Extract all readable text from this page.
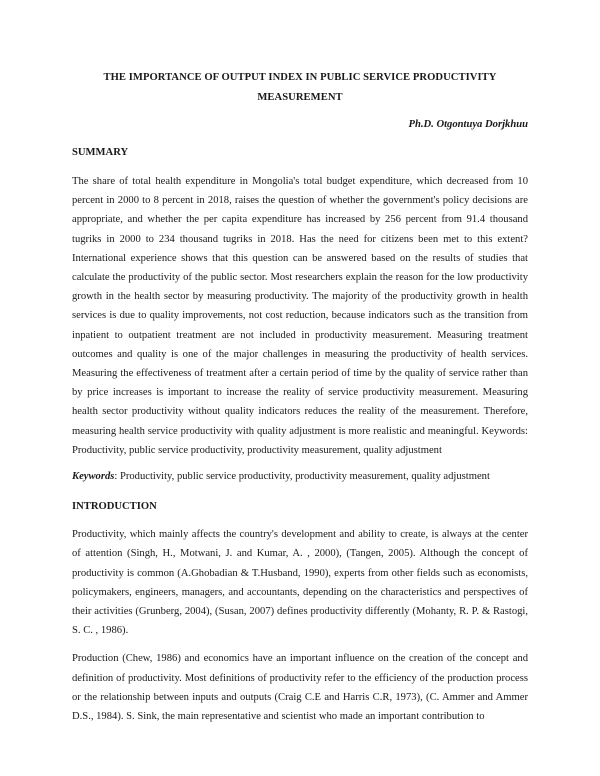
THE IMPORTANCE OF OUTPUT INDEX IN PUBLIC SERVICE PRODUCTIVITY MEASUREMENT

Ph.D. Otgontuya Dorjkhuu

SUMMARY

The share of total health expenditure in Mongolia's total budget expenditure, which decreased from 10 percent in 2000 to 8 percent in 2018, raises the question of whether the government's policy decisions are appropriate, and whether the per capita expenditure has increased by 256 percent from 91.4 thousand tugriks in 2000 to 234 thousand tugriks in 2018. Has the need for citizens been met to this extent? International experience shows that this question can be answered based on the results of studies that calculate the productivity of the public sector. Most researchers explain the reason for the low productivity growth in the health sector by measuring productivity. The majority of the productivity growth in health services is due to quality improvements, not cost reduction, because indicators such as the transition from inpatient to outpatient treatment are not included in productivity measurement. Measuring treatment outcomes and quality is one of the major challenges in measuring the productivity of health services. Measuring the effectiveness of treatment after a certain period of time by the quality of service rather than by price increases is important to increase the reality of service productivity measurement. Measuring health sector productivity without quality indicators reduces the reality of the measurement. Therefore, measuring health service productivity with quality adjustment is more realistic and meaningful. Keywords: Productivity, public service productivity, productivity measurement, quality adjustment

Keywords: Productivity, public service productivity, productivity measurement, quality adjustment

INTRODUCTION

Productivity, which mainly affects the country's development and ability to create, is always at the center of attention (Singh, H., Motwani, J. and Kumar, A. , 2000), (Tangen, 2005). Although the concept of productivity is common (A.Ghobadian & T.Husband, 1990), experts from other fields such as economists, policymakers, engineers, managers, and accountants, depending on the characteristics and perspectives of their activities (Grunberg, 2004), (Susan, 2007) defines productivity differently (Mohanty, R. P. & Rastogi, S. C. , 1986).

Production (Chew, 1986) and economics have an important influence on the creation of the concept and definition of productivity. Most definitions of productivity refer to the efficiency of the production process or the relationship between inputs and outputs (Craig C.E and Harris C.R, 1973), (C. Ammer and Ammer D.S., 1984). S. Sink, the main representative and scientist who made an important contribution to
